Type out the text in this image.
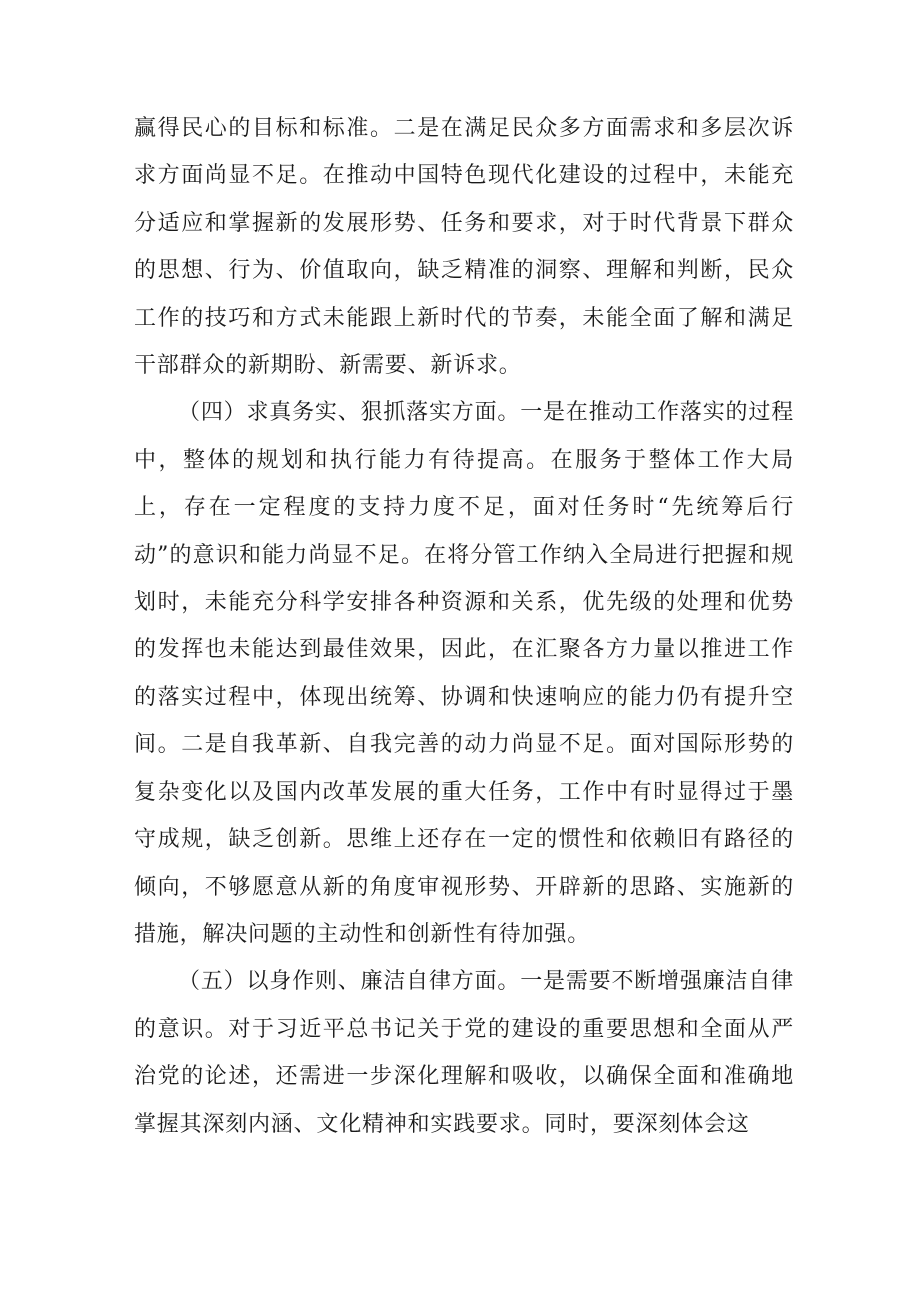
赢得民心的目标和标准。二是在满足民众多方面需求和多层次诉求方面尚显不足。在推动中国特色现代化建设的过程中，未能充分适应和掌握新的发展形势、任务和要求，对于时代背景下群众的思想、行为、价值取向，缺乏精准的洞察、理解和判断，民众工作的技巧和方式未能跟上新时代的节奏，未能全面了解和满足干部群众的新期盼、新需要、新诉求。

（四）求真务实、狠抓落实方面。一是在推动工作落实的过程中，整体的规划和执行能力有待提高。在服务于整体工作大局上，存在一定程度的支持力度不足，面对任务时“先统筹后行动”的意识和能力尚显不足。在将分管工作纳入全局进行把握和规划时，未能充分科学安排各种资源和关系，优先级的处理和优势的发挥也未能达到最佳效果，因此，在汇聚各方力量以推进工作的落实过程中，体现出统筹、协调和快速响应的能力仍有提升空间。二是自我革新、自我完善的动力尚显不足。面对国际形势的复杂变化以及国内改革发展的重大任务，工作中有时显得过于墨守成规，缺乏创新。思维上还存在一定的惯性和依赖旧有路径的倾向，不够愿意从新的角度审视形势、开辟新的思路、实施新的措施，解决问题的主动性和创新性有待加强。

（五）以身作则、廉洁自律方面。一是需要不断增强廉洁自律的意识。对于习近平总书记关于党的建设的重要思想和全面从严治党的论述，还需进一步深化理解和吸收，以确保全面和准确地掌握其深刻内涵、文化精神和实践要求。同时，要深刻体会这
